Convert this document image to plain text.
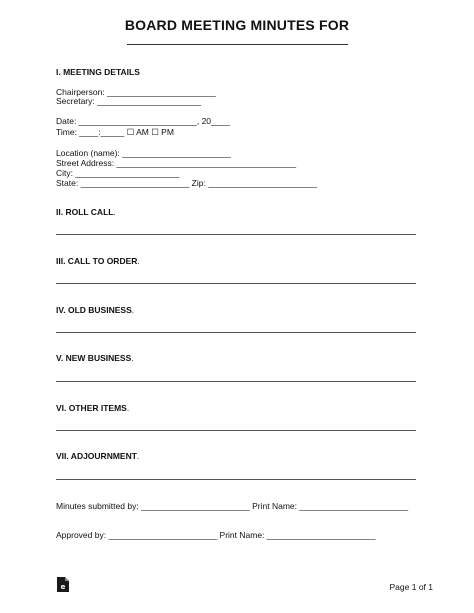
BOARD MEETING MINUTES FOR
I. MEETING DETAILS
Chairperson: _______________________
Secretary: ______________________
Date: _________________________, 20____
Time: ____:_____ ☐ AM ☐ PM
Location (name): _______________________
Street Address: ______________________________________
City: ______________________
State: _______________________ Zip: _______________________
II. ROLL CALL.
III. CALL TO ORDER.
IV. OLD BUSINESS.
V. NEW BUSINESS.
VI. OTHER ITEMS.
VII. ADJOURNMENT.
Minutes submitted by: _______________________ Print Name: _______________________
Approved by: _______________________ Print Name: _______________________
e	Page 1 of 1
